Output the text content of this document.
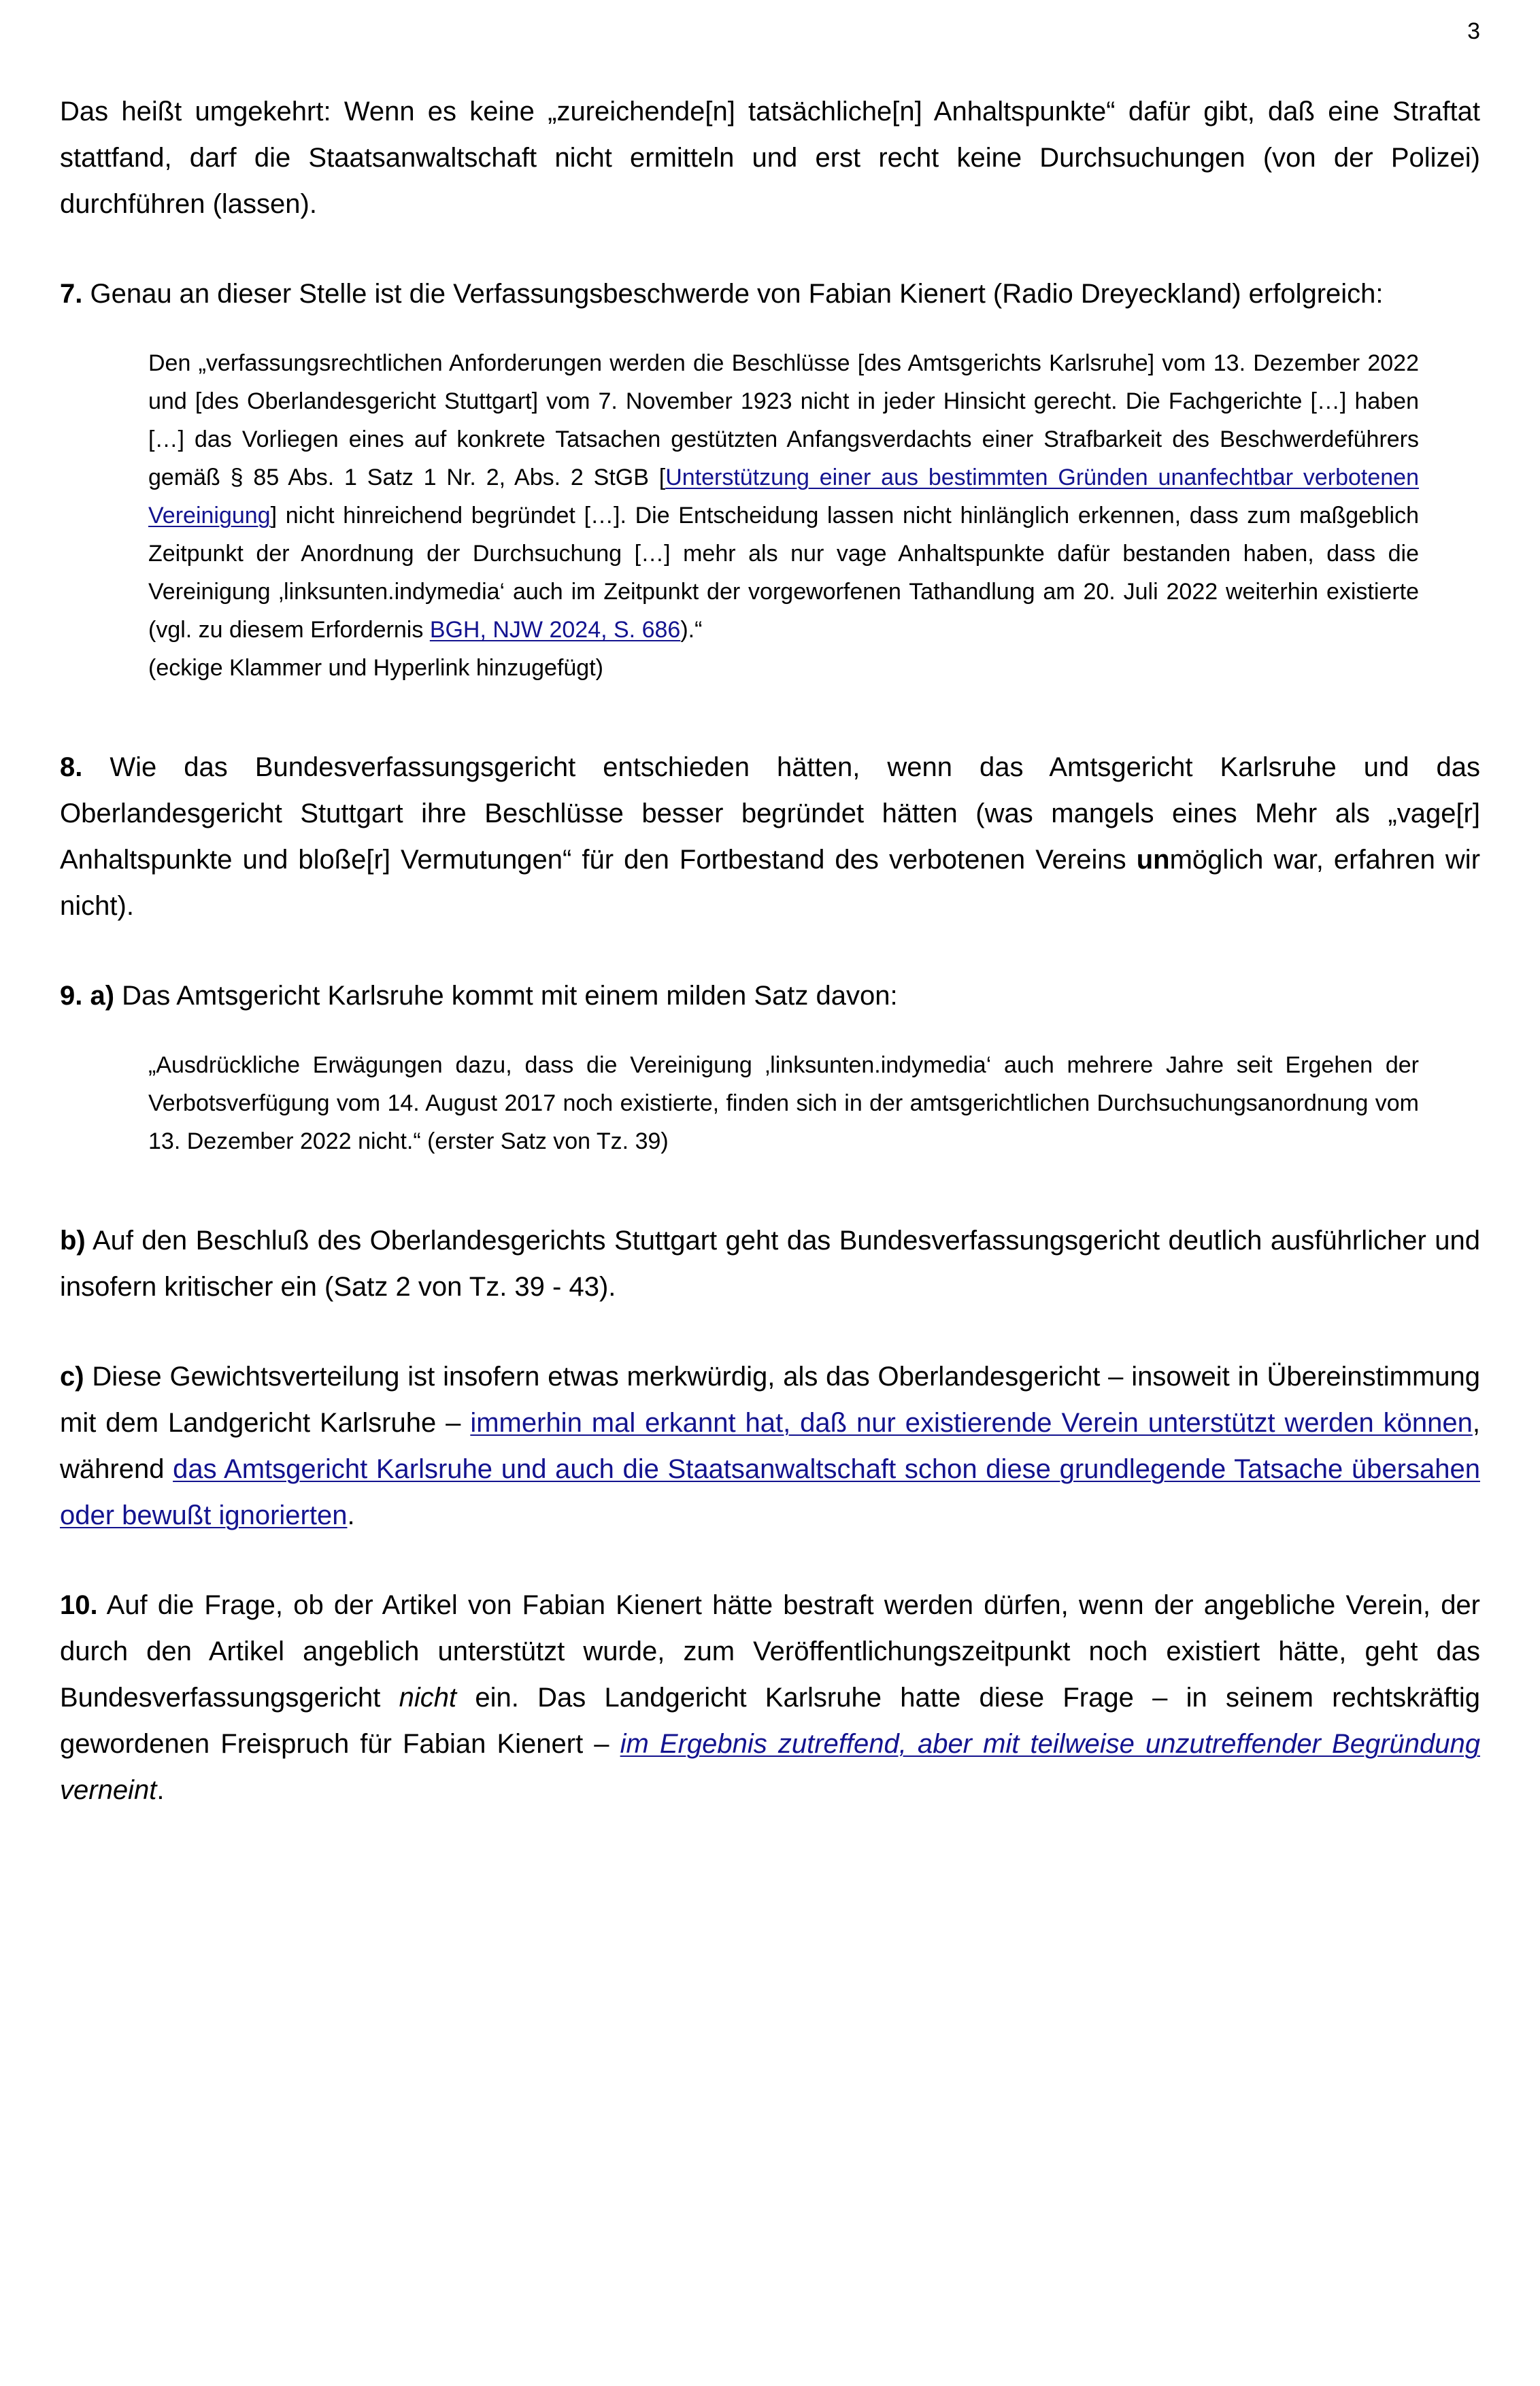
3

Das heißt umgekehrt: Wenn es keine „zureichende[n] tatsächliche[n] Anhaltspunkte“ dafür gibt, daß eine Straftat stattfand, darf die Staatsanwaltschaft nicht ermitteln und erst recht keine Durchsuchungen (von der Polizei) durchführen (lassen).

7. Genau an dieser Stelle ist die Verfassungsbeschwerde von Fabian Kienert (Radio Dreyeckland) erfolgreich:

Den „verfassungsrechtlichen Anforderungen werden die Beschlüsse [des Amtsgerichts Karlsruhe] vom 13. Dezember 2022 und [des Oberlandesgericht Stuttgart] vom 7. November 1923 nicht in jeder Hinsicht gerecht. Die Fachgerichte […] haben […] das Vorliegen eines auf konkrete Tatsachen gestützten Anfangsverdachts einer Strafbarkeit des Beschwerdeführers gemäß § 85 Abs. 1 Satz 1 Nr. 2, Abs. 2 StGB [Unterstützung einer aus bestimmten Gründen unanfechtbar verbotenen Vereinigung] nicht hinreichend begründet […]. Die Entscheidung lassen nicht hinlänglich erkennen, dass zum maßgeblich Zeitpunkt der Anordnung der Durchsuchung […] mehr als nur vage Anhaltspunkte dafür bestanden haben, dass die Vereinigung ‚linksunten.indymedia‘ auch im Zeitpunkt der vorgeworfenen Tathandlung am 20. Juli 2022 weiterhin existierte (vgl. zu diesem Erfordernis BGH, NJW 2024, S. 686).“

(eckige Klammer und Hyperlink hinzugefügt)

8. Wie das Bundesverfassungsgericht entschieden hätten, wenn das Amtsgericht Karlsruhe und das Oberlandesgericht Stuttgart ihre Beschlüsse besser begründet hätten (was mangels eines Mehr als „vage[r] Anhaltspunkte und bloße[r] Vermutungen“ für den Fortbestand des verbotenen Vereins unmöglich war, erfahren wir nicht).

9. a) Das Amtsgericht Karlsruhe kommt mit einem milden Satz davon:

„Ausdrückliche Erwägungen dazu, dass die Vereinigung ‚linksunten.indymedia‘ auch mehrere Jahre seit Ergehen der Verbotsverfügung vom 14. August 2017 noch existierte, finden sich in der amtsgerichtlichen Durchsuchungsanordnung vom 13. Dezember 2022 nicht.“ (erster Satz von Tz. 39)

b) Auf den Beschluß des Oberlandesgerichts Stuttgart geht das Bundesverfassungsgericht deutlich ausführlicher und insofern kritischer ein (Satz 2 von Tz. 39 - 43).

c) Diese Gewichtsverteilung ist insofern etwas merkwürdig, als das Oberlandesgericht – insoweit in Übereinstimmung mit dem Landgericht Karlsruhe – immerhin mal erkannt hat, daß nur existierende Verein unterstützt werden können, während das Amtsgericht Karlsruhe und auch die Staatsanwaltschaft schon diese grundlegende Tatsache übersahen oder bewußt ignorierten.

10. Auf die Frage, ob der Artikel von Fabian Kienert hätte bestraft werden dürfen, wenn der angebliche Verein, der durch den Artikel angeblich unterstützt wurde, zum Veröffentlichungszeitpunkt noch existiert hätte, geht das Bundesverfassungsgericht nicht ein. Das Landgericht Karlsruhe hatte diese Frage – in seinem rechtskräftig gewordenen Freispruch für Fabian Kienert – im Ergebnis zutreffend, aber mit teilweise unzutreffender Begründung verneint.
